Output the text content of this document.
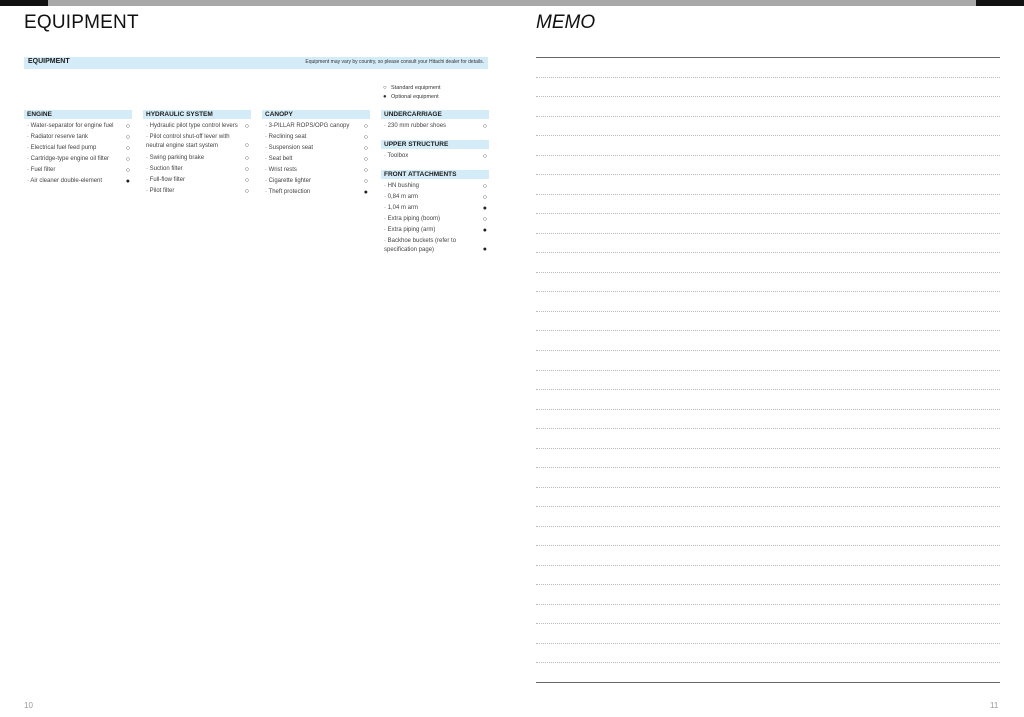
EQUIPMENT	MEMO
EQUIPMENT	Equipment may vary by country, so please consult your Hitachi dealer for details.
○ Standard equipment
● Optional equipment
ENGINE
· Water-separator for engine fuel ○
· Radiator reserve tank	○
· Electrical fuel feed pump	○
· Cartridge-type engine oil filter ○
· Fuel filter	○
· Air cleaner double-element	●
HYDRAULIC SYSTEM
· Hydraulic pilot type control levers ○
· Pilot control shut-off lever with neutral engine start system	○
· Swing parking brake	○
· Suction filter	○
· Full-flow filter	○
· Pilot filter	○
CANOPY
· 3-PILLAR ROPS/OPG canopy ○
· Reclining seat	○
· Suspension seat	○
· Seat belt	○
· Wrist rests	○
· Cigarette lighter	○
· Theft protection	●
UNDERCARRIAGE
· 230 mm rubber shoes	○
UPPER STRUCTURE
· Toolbox	○
FRONT ATTACHMENTS
· HN bushing	○
· 0,84 m arm	○
· 1,04 m arm	●
· Extra piping (boom)	○
· Extra piping (arm)	●
· Backhoe buckets (refer to specification page)	●
10	11
